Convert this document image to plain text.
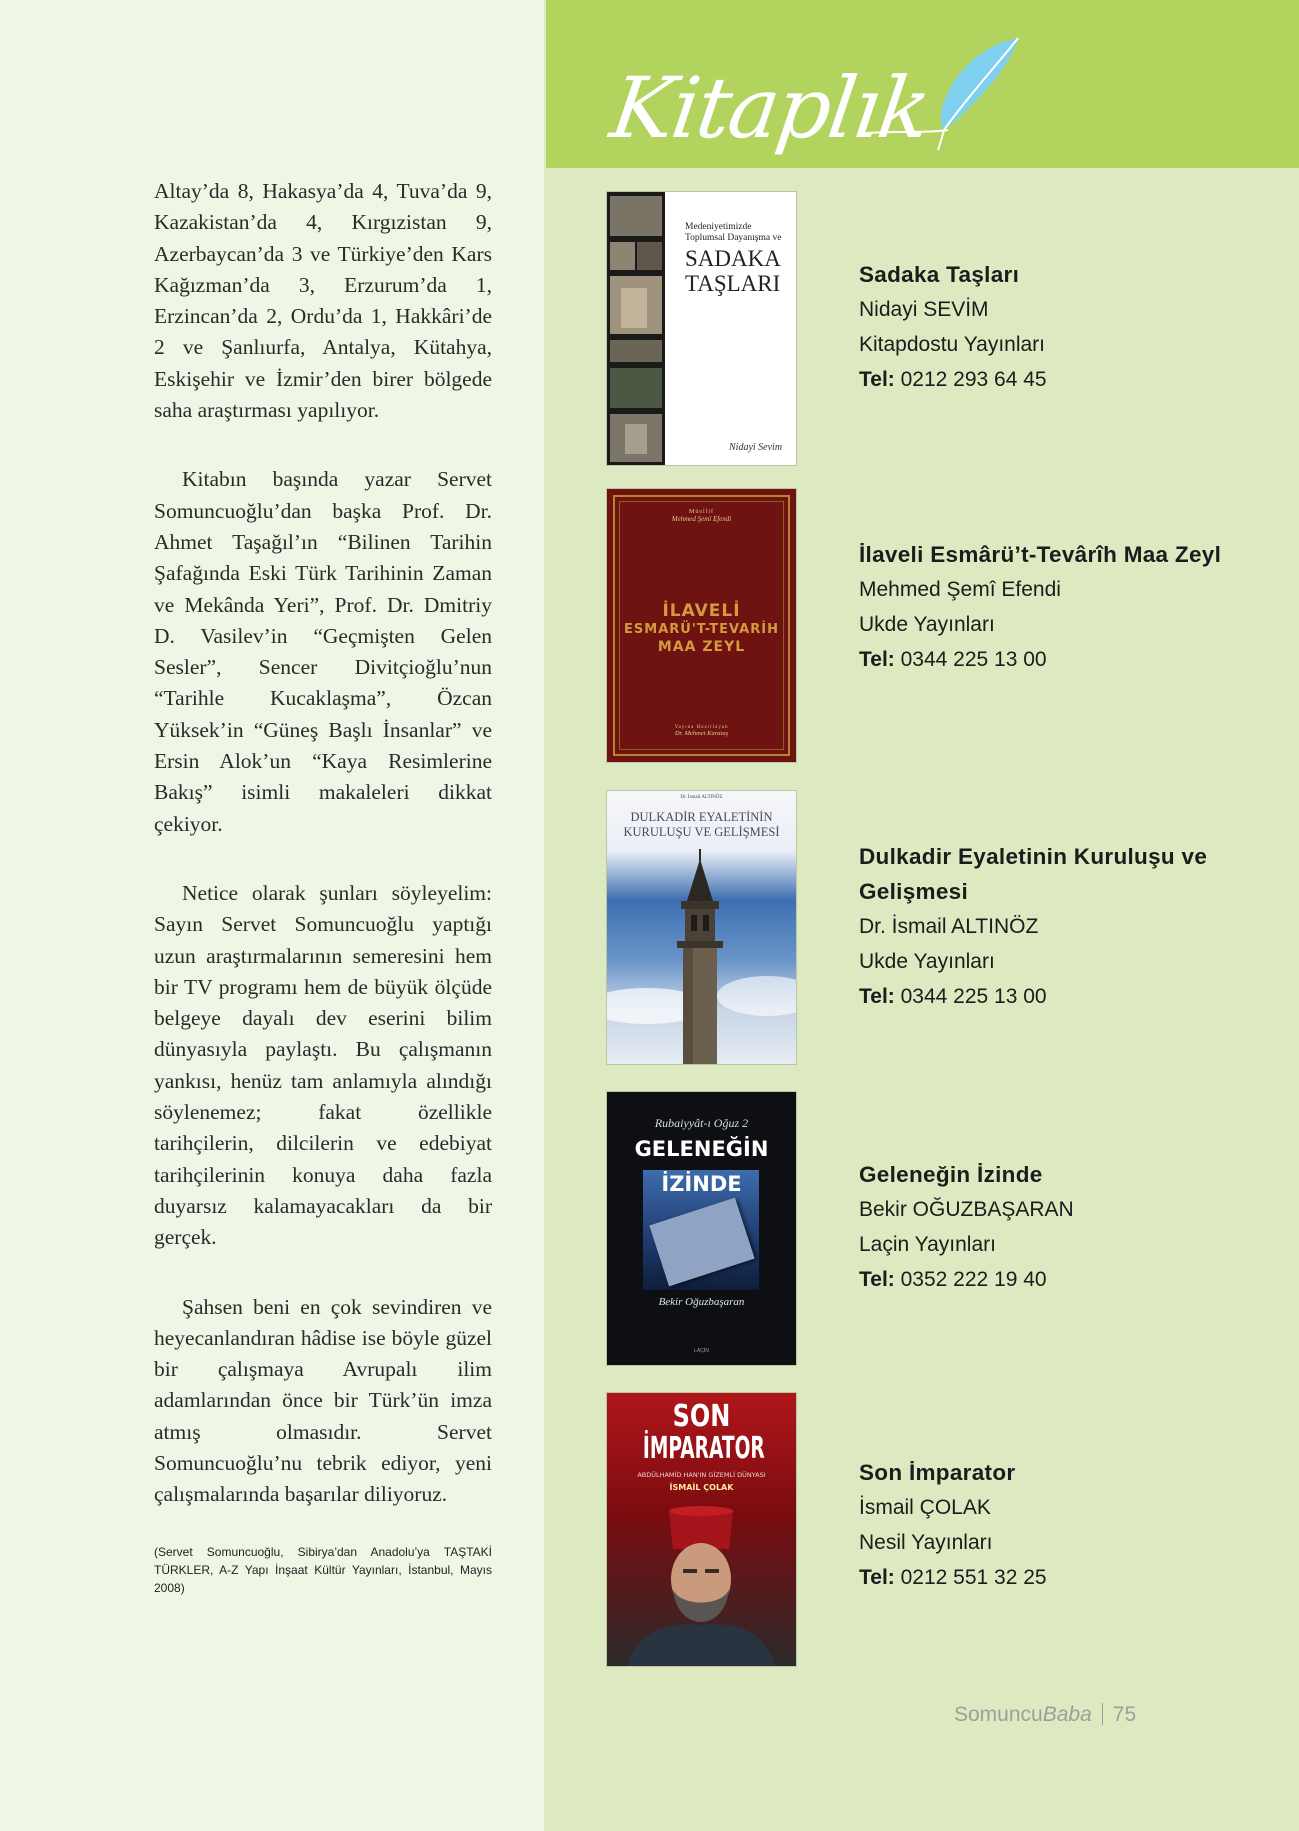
Kitaplık

Altay’da 8, Hakasya’da 4, Tuva’da 9, Kazakistan’da 4, Kırgızistan 9, Azerbaycan’da 3 ve Türkiye’den Kars Kağızman’da 3, Erzurum’da 1, Erzincan’da 2, Ordu’da 1, Hakkâri’de 2 ve Şanlıurfa, Antalya, Kütahya, Eskişehir ve İzmir’den birer bölgede saha araştırması yapılıyor.

Kitabın başında yazar Servet Somuncuoğlu’dan başka Prof. Dr. Ahmet Taşağıl’ın “Bilinen Tarihin Şafağında Eski Türk Tarihinin Zaman ve Mekânda Yeri”, Prof. Dr. Dmitriy D. Vasilev’in “Geçmişten Gelen Sesler”, Sencer Divitçioğlu’nun “Tarihle Kucaklaşma”, Özcan Yüksek’in “Güneş Başlı İnsanlar” ve Ersin Alok’un “Kaya Resimlerine Bakış” isimli makaleleri dikkat çekiyor.

Netice olarak şunları söyleyelim: Sayın Servet Somuncuoğlu yaptığı uzun araştırmalarının semeresini hem bir TV programı hem de büyük ölçüde belgeye dayalı dev eserini bilim dünyasıyla paylaştı. Bu çalışmanın yankısı, henüz tam anlamıyla alındığı söylenemez; fakat özellikle tarihçilerin, dilcilerin ve edebiyat tarihçilerinin konuya daha fazla duyarsız kalamayacakları da bir gerçek.

Şahsen beni en çok sevindiren ve heyecanlandıran hâdise ise böyle güzel bir çalışmaya Avrupalı ilim adamlarından önce bir Türk’ün imza atmış olmasıdır. Servet Somuncuoğlu’nu tebrik ediyor, yeni çalışmalarında başarılar diliyoruz.

(Servet Somuncuoğlu, Sibirya’dan Anadolu’ya TAŞTAKİ TÜRKLER, A-Z Yapı İnşaat Kültür Yayınları, İstanbul, Mayıs 2008)

Medeniyetimizde
Toplumsal Dayanışma ve
SADAKA
TAŞLARI
Nidayi Sevim
Sadaka Taşları
Nidayi SEVİM
Kitapdostu Yayınları
Tel: 0212 293 64 45
Müellif
Mehmed Şemî Efendi
İLAVELİ
ESMARÜ'T-TEVARİH
MAA ZEYL
Yayına Hazırlayan
Dr. Mehmet Karataş
İlaveli Esmârü’t-Tevârîh Maa Zeyl
Mehmed Şemî Efendi
Ukde Yayınları
Tel: 0344 225 13 00
Dr. İsmail ALTINÖZ
DULKADİR EYALETİNİN
KURULUŞU VE GELİŞMESİ
Dulkadir Eyaletinin Kuruluşu ve Gelişmesi
Dr. İsmail ALTINÖZ
Ukde Yayınları
Tel: 0344 225 13 00
Rubaiyyât-ı Oğuz 2
GELENEĞİN
İZİNDE
Bekir Oğuzbaşaran
LAÇİN
Geleneğin İzinde
Bekir OĞUZBAŞARAN
Laçin Yayınları
Tel: 0352 222 19 40
SON
İMPARATOR
ABDÜLHAMİD HAN'IN GİZEMLİ DÜNYASI
İSMAİL ÇOLAK
Son İmparator
İsmail ÇOLAK
Nesil Yayınları
Tel: 0212 551 32 25
SomuncuBaba 75
